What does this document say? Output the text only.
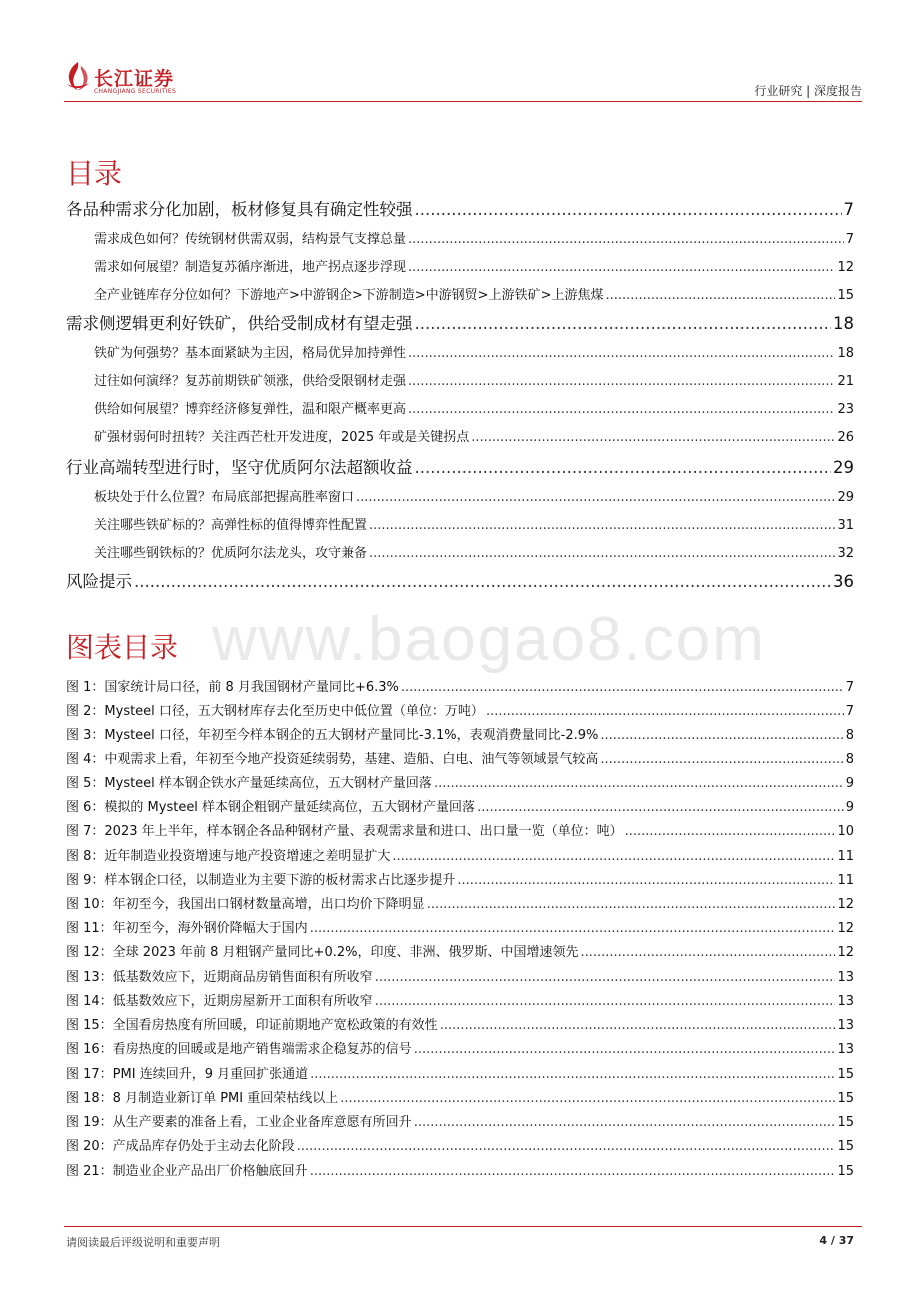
长江证券
CHANGJIANG SECURITIES	行业研究 | 深度报告
www.baogao8.com
目录
各品种需求分化加剧，板材修复具有确定性较强 .....	7
需求成色如何？传统钢材供需双弱，结构景气支撑总量 .....	7
需求如何展望？制造复苏循序渐进，地产拐点逐步浮现 .....	12
全产业链库存分位如何？下游地产>中游钢企>下游制造>中游钢贸>上游铁矿>上游焦煤 .....	15
需求侧逻辑更利好铁矿，供给受制成材有望走强 .....	18
铁矿为何强势？基本面紧缺为主因，格局优异加持弹性 .....	18
过往如何演绎？复苏前期铁矿领涨，供给受限钢材走强 .....	21
供给如何展望？博弈经济修复弹性，温和限产概率更高 .....	23
矿强材弱何时扭转？关注西芒杜开发进度，2025 年或是关键拐点 .....	26
行业高端转型进行时，坚守优质阿尔法超额收益 .....	29
板块处于什么位置？布局底部把握高胜率窗口 .....	29
关注哪些铁矿标的？高弹性标的值得博弈性配置 .....	31
关注哪些钢铁标的？优质阿尔法龙头，攻守兼备 .....	32
风险提示 .....	36
图表目录
图 1：国家统计局口径，前 8 月我国钢材产量同比+6.3% .....	7
图 2：Mysteel 口径，五大钢材库存去化至历史中低位置（单位：万吨） .....	7
图 3：Mysteel 口径，年初至今样本钢企的五大钢材产量同比-3.1%，表观消费量同比-2.9% .....	8
图 4：中观需求上看，年初至今地产投资延续弱势，基建、造船、白电、油气等领域景气较高 .....	8
图 5：Mysteel 样本钢企铁水产量延续高位，五大钢材产量回落 .....	9
图 6：模拟的 Mysteel 样本钢企粗钢产量延续高位，五大钢材产量回落 .....	9
图 7：2023 年上半年，样本钢企各品种钢材产量、表观需求量和进口、出口量一览（单位：吨） .....	10
图 8：近年制造业投资增速与地产投资增速之差明显扩大 .....	11
图 9：样本钢企口径，以制造业为主要下游的板材需求占比逐步提升 .....	11
图 10：年初至今，我国出口钢材数量高增，出口均价下降明显 .....	12
图 11：年初至今，海外钢价降幅大于国内 .....	12
图 12：全球 2023 年前 8 月粗钢产量同比+0.2%，印度、非洲、俄罗斯、中国增速领先 .....	12
图 13：低基数效应下，近期商品房销售面积有所收窄 .....	13
图 14：低基数效应下，近期房屋新开工面积有所收窄 .....	13
图 15：全国看房热度有所回暖，印证前期地产宽松政策的有效性 .....	13
图 16：看房热度的回暖或是地产销售端需求企稳复苏的信号 .....	13
图 17：PMI 连续回升，9 月重回扩张通道 .....	15
图 18：8 月制造业新订单 PMI 重回荣枯线以上 .....	15
图 19：从生产要素的准备上看，工业企业备库意愿有所回升 .....	15
图 20：产成品库存仍处于主动去化阶段 .....	15
图 21：制造业企业产品出厂价格触底回升 .....	15
请阅读最后评级说明和重要声明	4 / 37
